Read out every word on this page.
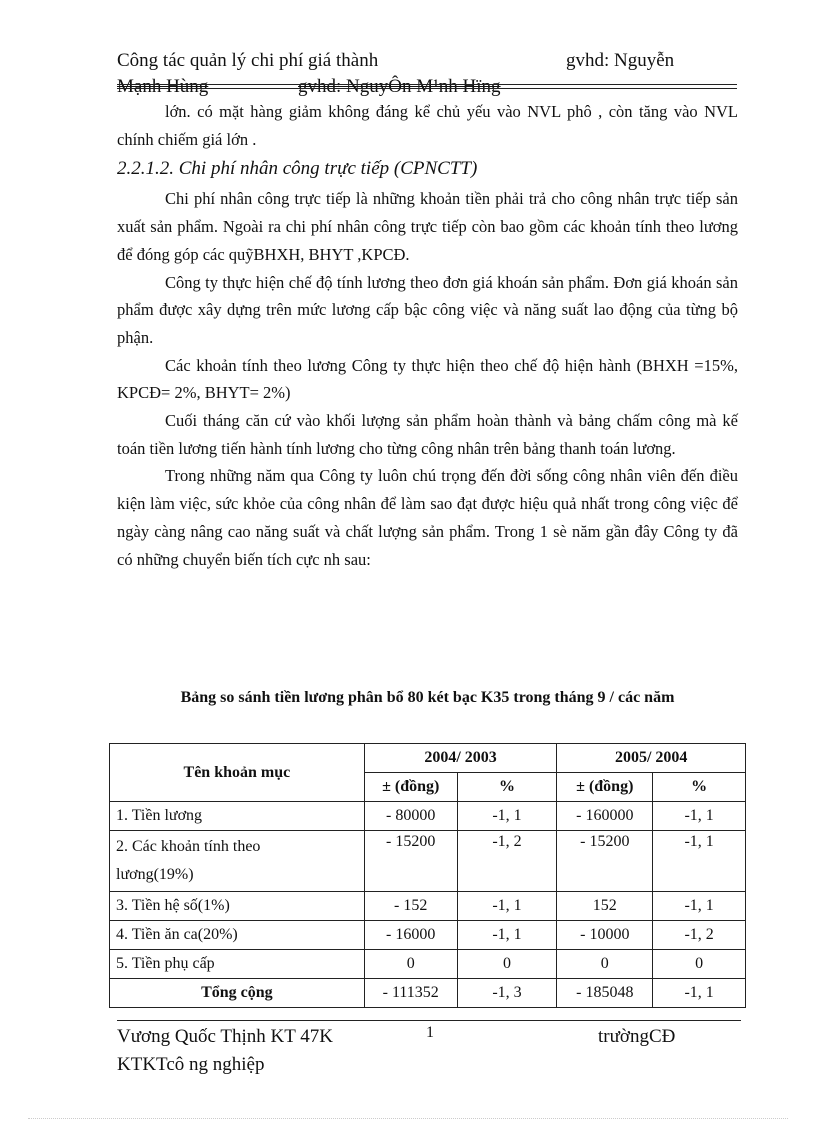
Công tác quản lý chi phí giá thành	gvhd: Nguyễn
Mạnh Hùng	gvhd: NguyÔn M¹nh Hïng

lớn. có mặt hàng giảm không đáng kể chủ yếu vào NVL phô , còn tăng vào NVL chính chiếm giá lớn .

2.2.1.2. Chi phí nhân công trực tiếp (CPNCTT)

Chi phí nhân công trực tiếp là những khoản tiền phải trả cho công nhân trực tiếp sản xuất sản phẩm. Ngoài ra chi phí nhân công trực tiếp còn bao gồm các khoản tính theo lương để đóng góp các quỹBHXH, BHYT ,KPCĐ.

Công ty thực hiện chế độ tính lương theo đơn giá khoán sản phẩm. Đơn giá khoán sản phẩm được xây dựng trên mức lương cấp bậc công việc và năng suất lao động của từng bộ phận.

Các khoản tính theo lương Công ty thực hiện theo chế độ hiện hành (BHXH =15%, KPCĐ= 2%, BHYT= 2%)

Cuối tháng căn cứ vào khối lượng sản phẩm hoàn thành và bảng chấm công mà kế toán tiền lương tiến hành tính lương cho từng công nhân trên bảng thanh toán lương.

Trong những năm qua Công ty luôn chú trọng đến đời sống công nhân viên đến điều kiện làm việc, sức khỏe của công nhân để làm sao đạt được hiệu quả nhất trong công việc để ngày càng nâng cao năng suất và chất lượng sản phẩm. Trong 1 sè năm gần đây Công ty đã có những chuyển biến tích cực nh sau:

Bảng so sánh tiền lương phân bổ 80 két bạc K35 trong tháng 9 / các năm
Tên khoản mục	2004/ 2003		2005/ 2004	
	± (đồng)	%	± (đồng)	%
1. Tiền lương	- 80000	-1, 1	- 160000	-1, 1

2. Các khoản tính theo lương(19%)	- 15200	-1, 2	- 15200	-1, 1
3. Tiền hệ số(1%)	- 152	-1, 1	152	-1, 1
4. Tiền ăn ca(20%)	- 16000	-1, 1	- 10000	-1, 2
5. Tiền phụ cấp	0	0	0	0
Tổng cộng	- 111352	-1, 3	- 185048	-1, 1
Vương Quốc Thịnh KT 47K	1	trườngCĐ
KTKTcô ng nghiệp
